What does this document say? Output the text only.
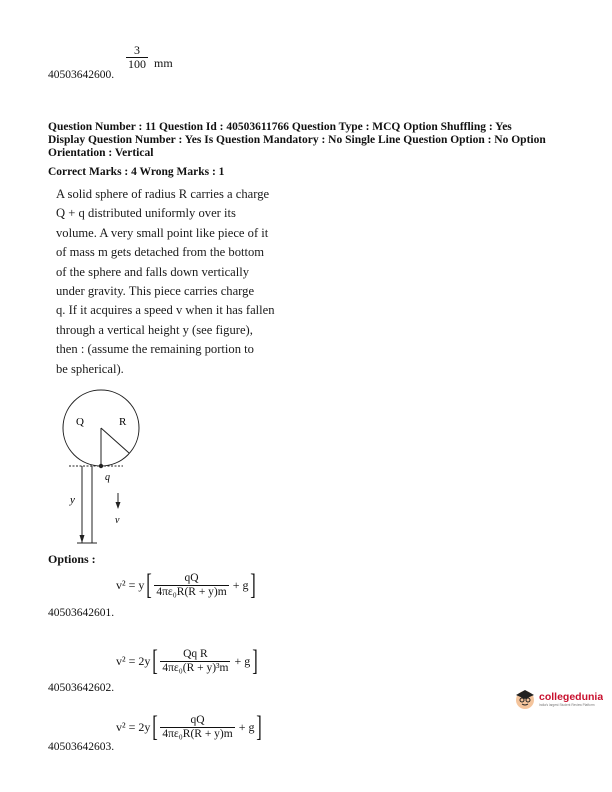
$\frac{3}{100}$ mm
40503642600.
Question Number : 11 Question Id : 40503611766 Question Type : MCQ Option Shuffling : Yes
Display Question Number : Yes Is Question Mandatory : No Single Line Question Option : No Option
Orientation : Vertical
Correct Marks : 4 Wrong Marks : 1
A solid sphere of radius R carries a charge
Q + q distributed uniformly over its
volume. A very small point like piece of it
of mass m gets detached from the bottom
of the sphere and falls down vertically
under gravity. This piece carries charge
q. If it acquires a speed v when it has fallen
through a vertical height y (see figure),
then : (assume the remaining portion to
be spherical).
Q	R
q
y
v
Options :
v² = y [ $\frac{qQ}{\text{4πε₀R(R + y)m}} + g$ ]
40503642601.
v² = 2y [ $\frac{\text{Qq R}}{\text{4πε₀(R + y)³m}} + g$ ]
40503642602.
v² = 2y [ $\frac{qQ}{\text{4πε₀R(R + y)m}} + g$ ]
40503642603.
collegedunia
India's largest Student Review Platform
